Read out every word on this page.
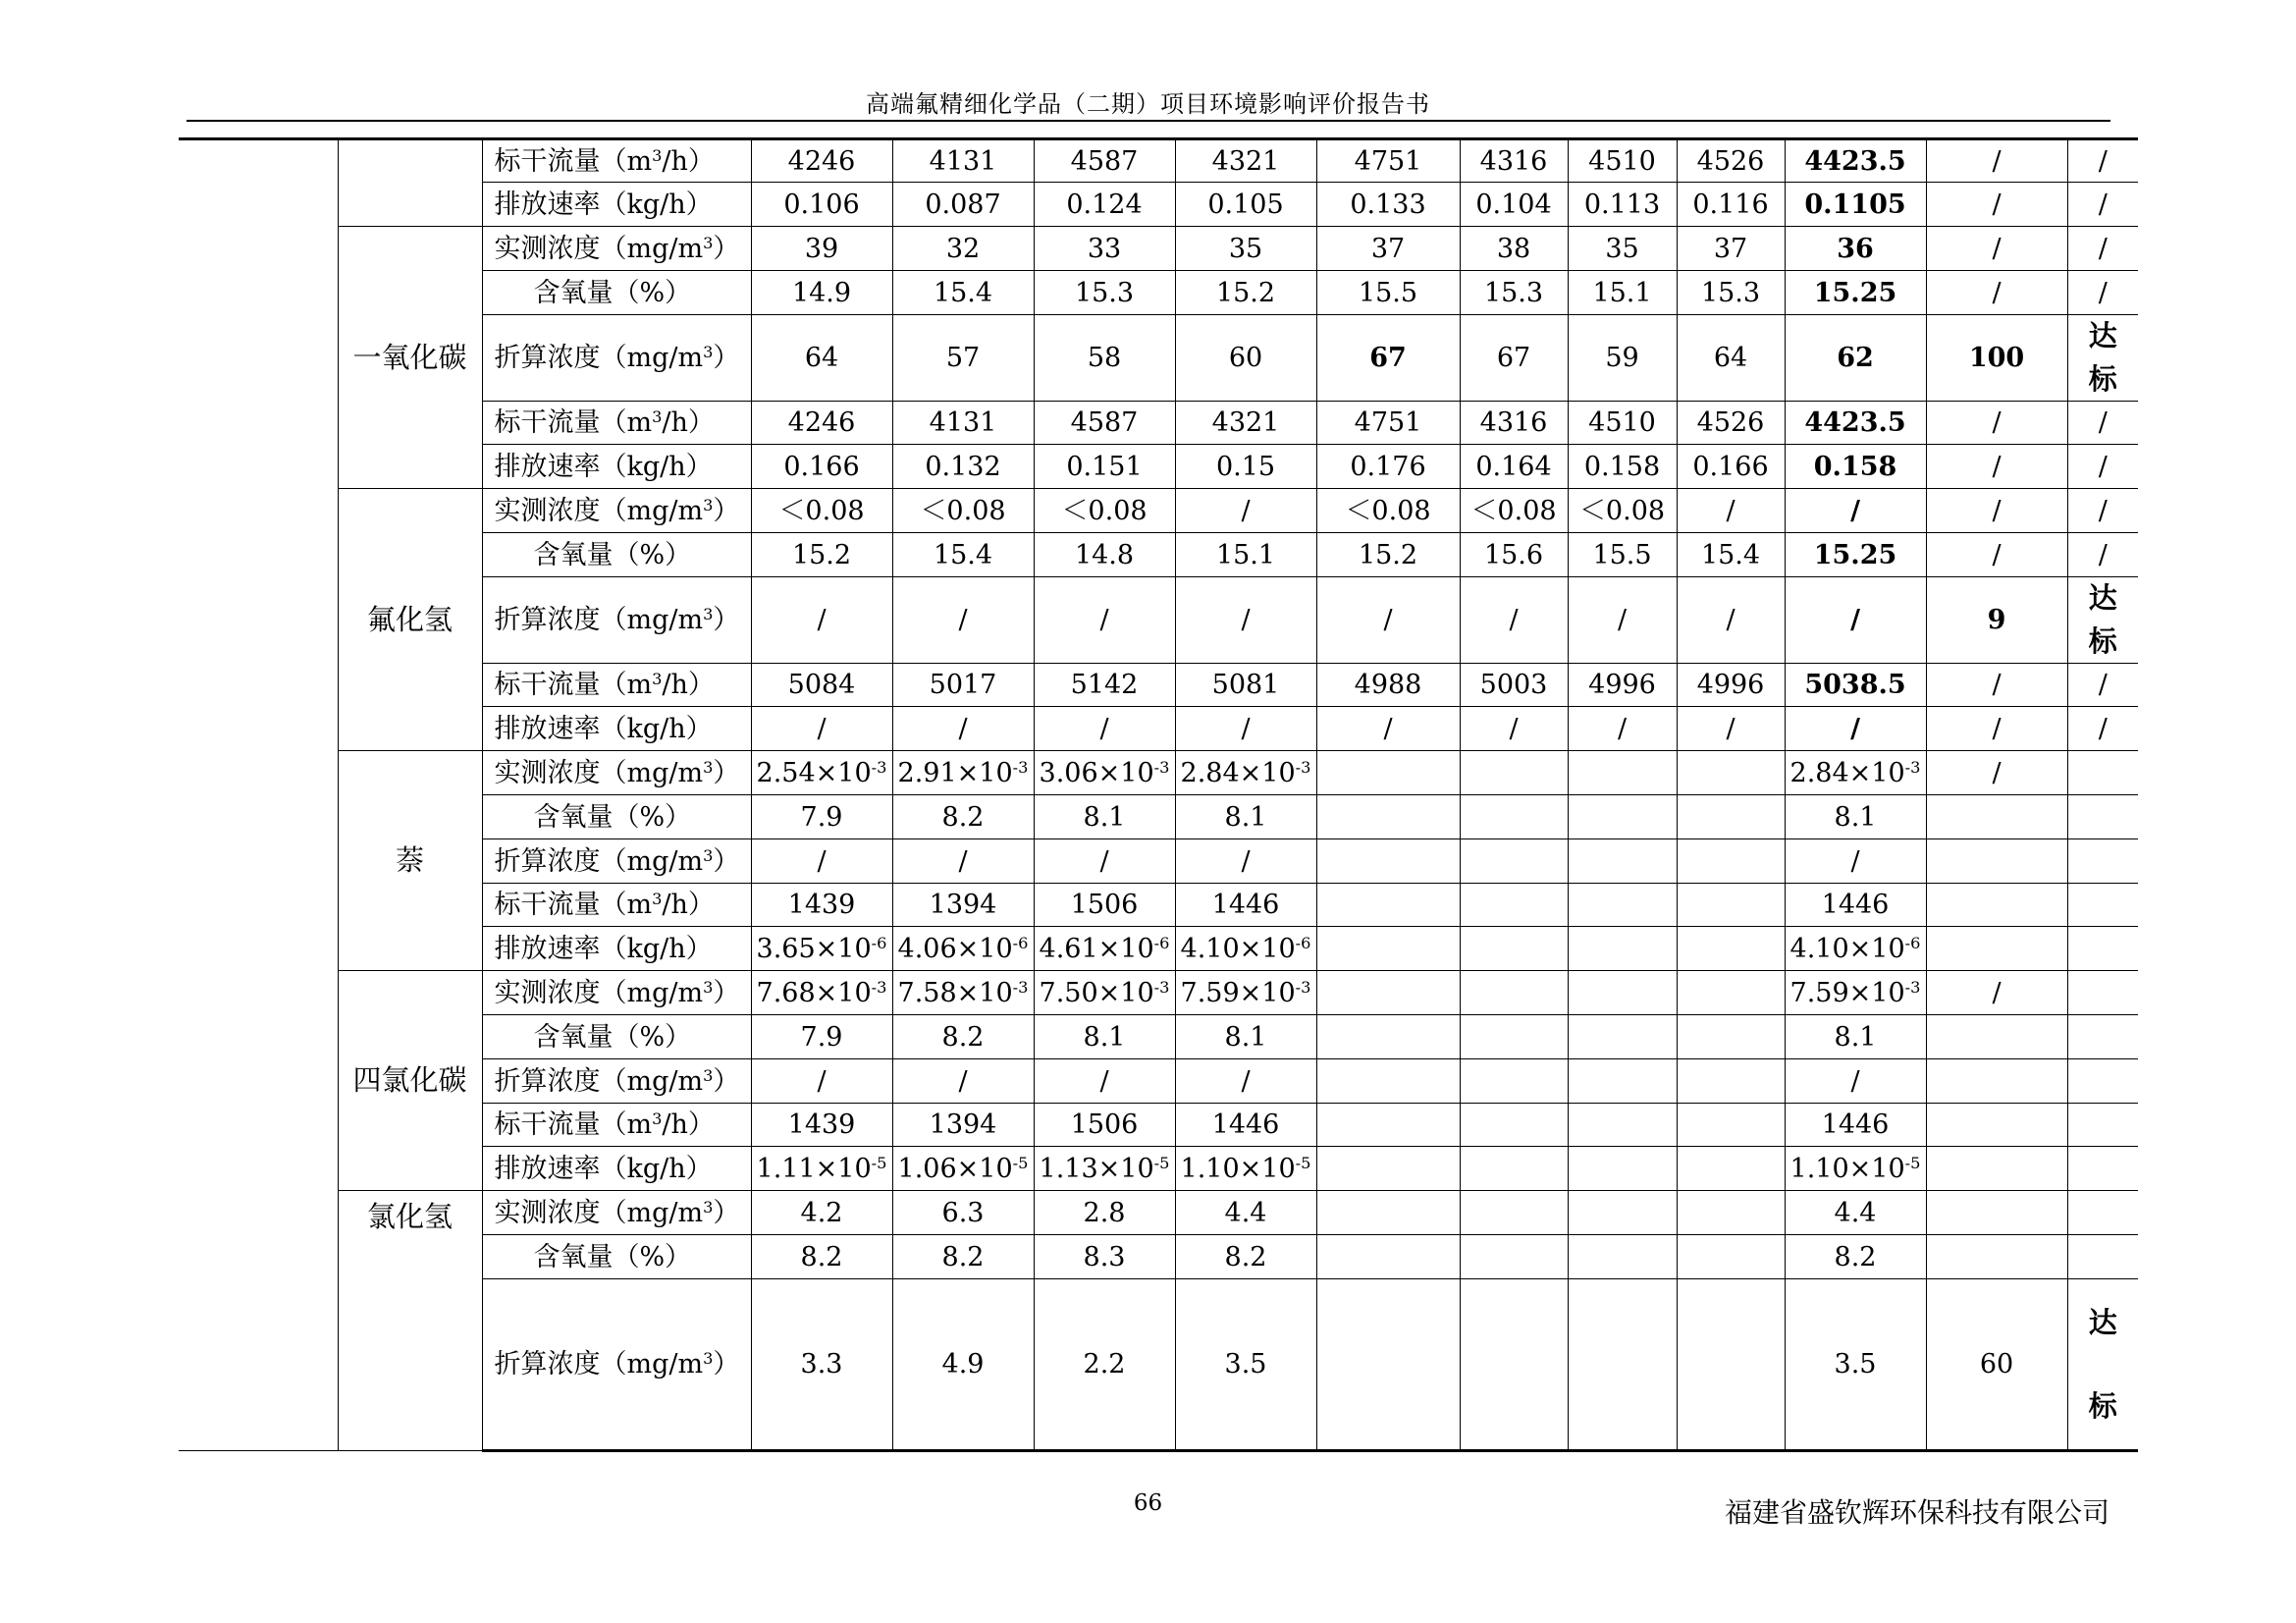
高端氟精细化学品（二期）项目环境影响评价报告书
		标干流量$(m^3/h)$	4246	4131	4587	4321	4751	4316	4510	4526	4423.5	/	/
		排放速率（kg/h）	0.106	0.087	0.124	0.105	0.133	0.104	0.113	0.116	0.1105	/	/
	一氧化碳	实测浓度$(mg/m^3)$	39	32	33	35	37	38	35	37	36	/	/
		含氧量（%）	14.9	15.4	15.3	15.2	15.5	15.3	15.1	15.3	15.25	/	/
		折算浓度$(mg/m^3)$	64	57	58	60	67	67	59	64	62	100	达
标
		标干流量$(m^3/h)$	4246	4131	4587	4321	4751	4316	4510	4526	4423.5	/	/
		排放速率（kg/h）	0.166	0.132	0.151	0.15	0.176	0.164	0.158	0.166	0.158	/	/
	氟化氢	实测浓度$(mg/m^3)$	＜0.08	＜0.08	＜0.08	/	＜0.08	＜0.08	＜0.08	/	/	/	/
		含氧量（%）	15.2	15.4	14.8	15.1	15.2	15.6	15.5	15.4	15.25	/	/
		折算浓度$(mg/m^3)$	/	/	/	/	/	/	/	/	/	9	达
标
		标干流量$(m^3/h)$	5084	5017	5142	5081	4988	5003	4996	4996	5038.5	/	/
		排放速率（kg/h）	/	/	/	/	/	/	/	/	/	/	/
	萘	实测浓度$(mg/m^3)$	$2.54\times 10^{-3}$	$2.91\times 10^{-3}$	$3.06\times 10^{-3}$	$2.84\times 10^{-3}$					$2.84\times 10^{-3}$	/	
		含氧量（%）	7.9	8.2	8.1	8.1					8.1		
		折算浓度$(mg/m^3)$	/	/	/	/					/		
		标干流量$(m^3/h)$	1439	1394	1506	1446					1446		
		排放速率（kg/h）	$3.65\times 10^{-6}$	$4.06\times 10^{-6}$	$4.61\times 10^{-6}$	$4.10\times 10^{-6}$					$4.10\times 10^{-6}$		
	四氯化碳	实测浓度$(mg/m^3)$	$7.68\times 10^{-3}$	$7.58\times 10^{-3}$	$7.50\times 10^{-3}$	$7.59\times 10^{-3}$					$7.59\times 10^{-3}$	/	
		含氧量（%）	7.9	8.2	8.1	8.1					8.1		
		折算浓度$(mg/m^3)$	/	/	/	/					/		
		标干流量$(m^3/h)$	1439	1394	1506	1446					1446		
		排放速率（kg/h）	$1.11\times 10^{-5}$	$1.06\times 10^{-5}$	$1.13\times 10^{-5}$	$1.10\times 10^{-5}$					$1.10\times 10^{-5}$		
	氯化氢	实测浓度$(mg/m^3)$	4.2	6.3	2.8	4.4					4.4		
		含氧量（%）	8.2	8.2	8.3	8.2					8.2		
		折算浓度$(mg/m^3)$	3.3	4.9	2.2	3.5					3.5	60	达
标
66	福建省盛钦辉环保科技有限公司
